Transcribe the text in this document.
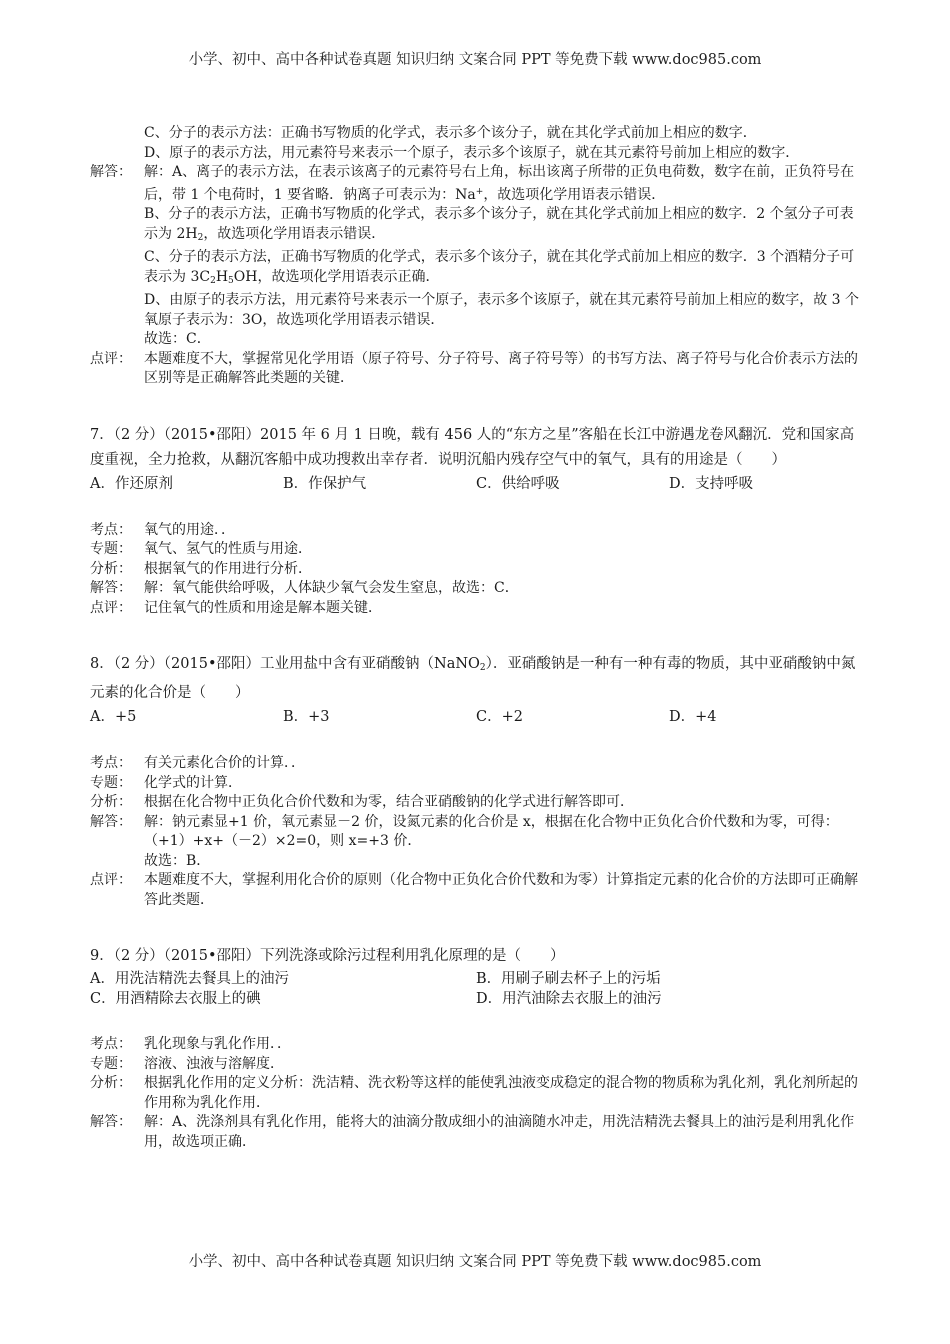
小学、初中、高中各种试卷真题 知识归纳 文案合同 PPT 等免费下载 www.doc985.com

C、分子的表示方法：正确书写物质的化学式，表示多个该分子，就在其化学式前加上相应的数字．

D、原子的表示方法，用元素符号来表示一个原子，表示多个该原子，就在其元素符号前加上相应的数字．

解答： 解：A、离子的表示方法，在表示该离子的元素符号右上角，标出该离子所带的正负电荷数，数字在前，正负符号在后，带 1 个电荷时，1 要省略．钠离子可表示为：Na+，故选项化学用语表示错误．

B、分子的表示方法，正确书写物质的化学式，表示多个该分子，就在其化学式前加上相应的数字．2 个氢分子可表示为 $2H_2$，故选项化学用语表示错误．

C、分子的表示方法，正确书写物质的化学式，表示多个该分子，就在其化学式前加上相应的数字．3 个酒精分子可表示为 $3C_2H_5OH$，故选项化学用语表示正确．

D、由原子的表示方法，用元素符号来表示一个原子，表示多个该原子，就在其元素符号前加上相应的数字，故 3 个氧原子表示为：3O，故选项化学用语表示错误．

故选：C．

点评： 本题难度不大，掌握常见化学用语（原子符号、分子符号、离子符号等）的书写方法、离子符号与化合价表示方法的区别等是正确解答此类题的关键．

7．（2 分）（2015•邵阳）2015 年 6 月 1 日晚，载有 456 人的“东方之星”客船在长江中游遇龙卷风翻沉．党和国家高度重视，全力抢救，从翻沉客船中成功搜救出幸存者．说明沉船内残存空气中的氧气，具有的用途是（　　）

A．作还原剂	B．作保护气	C．供给呼吸	D．支持呼吸
考点： 氧气的用途．．
专题： 氧气、氢气的性质与用途．
分析： 根据氧气的作用进行分析．
解答： 解：氧气能供给呼吸，人体缺少氧气会发生窒息，故选：C．
点评： 记住氧气的性质和用途是解本题关键．

8．（2 分）（2015•邵阳）工业用盐中含有亚硝酸钠（NaNO$_2$）．亚硝酸钠是一种有一种有毒的物质，其中亚硝酸钠中氮元素的化合价是（　　）

A．+5	B．+3	C．+2	D．+4
考点： 有关元素化合价的计算．．
专题： 化学式的计算．
分析： 根据在化合物中正负化合价代数和为零，结合亚硝酸钠的化学式进行解答即可．
解答： 解：钠元素显+1 价，氧元素显－2 价，设氮元素的化合价是 x，根据在化合物中正负化合价代数和为零，可得：（+1）+x+（－2）×2=0，则 x=+3 价．

故选：B．

点评： 本题难度不大，掌握利用化合价的原则（化合物中正负化合价代数和为零）计算指定元素的化合价的方法即可正确解答此类题．

9．（2 分）（2015•邵阳）下列洗涤或除污过程利用乳化原理的是（　　）

A．用洗洁精洗去餐具上的油污	B．用刷子刷去杯子上的污垢
C．用酒精除去衣服上的碘	D．用汽油除去衣服上的油污
考点： 乳化现象与乳化作用．．
专题： 溶液、浊液与溶解度．
分析： 根据乳化作用的定义分析：洗洁精、洗衣粉等这样的能使乳浊液变成稳定的混合物的物质称为乳化剂，乳化剂所起的作用称为乳化作用．
解答： 解：A、洗涤剂具有乳化作用，能将大的油滴分散成细小的油滴随水冲走，用洗洁精洗去餐具上的油污是利用乳化作用，故选项正确．
小学、初中、高中各种试卷真题 知识归纳 文案合同 PPT 等免费下载 www.doc985.com
